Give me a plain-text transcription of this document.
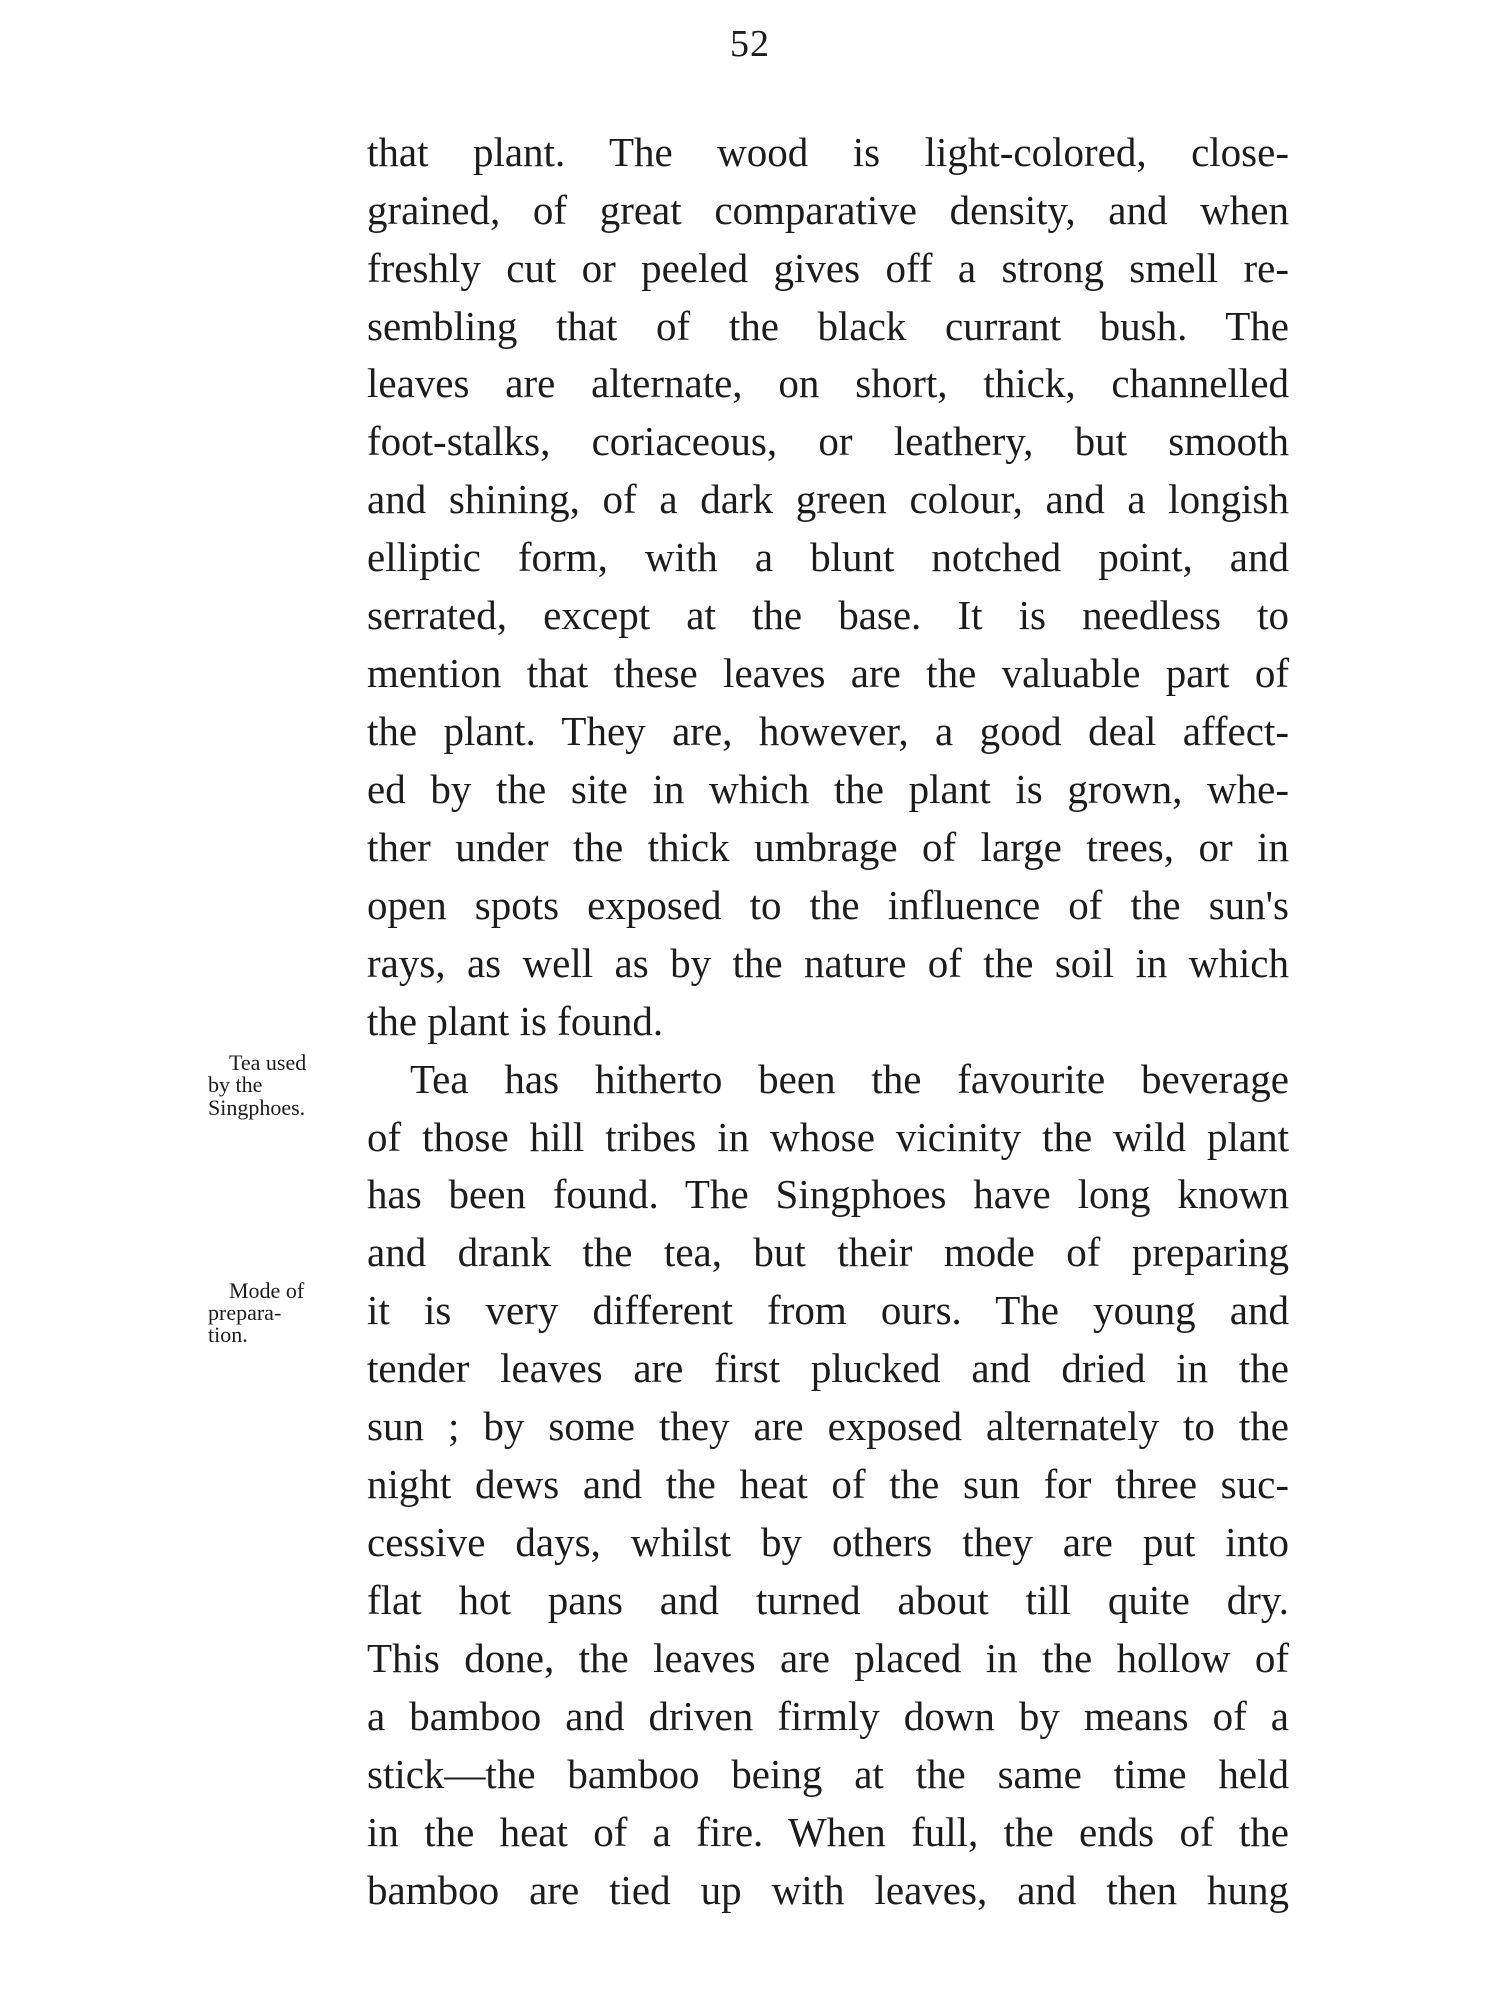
52
Tea used
by the
Singphoes.
Mode of
prepara-
tion.
that plant. The wood is light-colored, close-
grained, of great comparative density, and when
freshly cut or peeled gives off a strong smell re-
sembling that of the black currant bush. The
leaves are alternate, on short, thick, channelled
foot-stalks, coriaceous, or leathery, but smooth
and shining, of a dark green colour, and a longish
elliptic form, with a blunt notched point, and
serrated, except at the base. It is needless to
mention that these leaves are the valuable part of
the plant. They are, however, a good deal affect-
ed by the site in which the plant is grown, whe-
ther under the thick umbrage of large trees, or in
open spots exposed to the influence of the sun's
rays, as well as by the nature of the soil in which
the plant is found.
Tea has hitherto been the favourite beverage
of those hill tribes in whose vicinity the wild plant
has been found. The Singphoes have long known
and drank the tea, but their mode of preparing
it is very different from ours. The young and
tender leaves are first plucked and dried in the
sun ; by some they are exposed alternately to the
night dews and the heat of the sun for three suc-
cessive days, whilst by others they are put into
flat hot pans and turned about till quite dry.
This done, the leaves are placed in the hollow of
a bamboo and driven firmly down by means of a
stick—the bamboo being at the same time held
in the heat of a fire. When full, the ends of the
bamboo are tied up with leaves, and then hung
